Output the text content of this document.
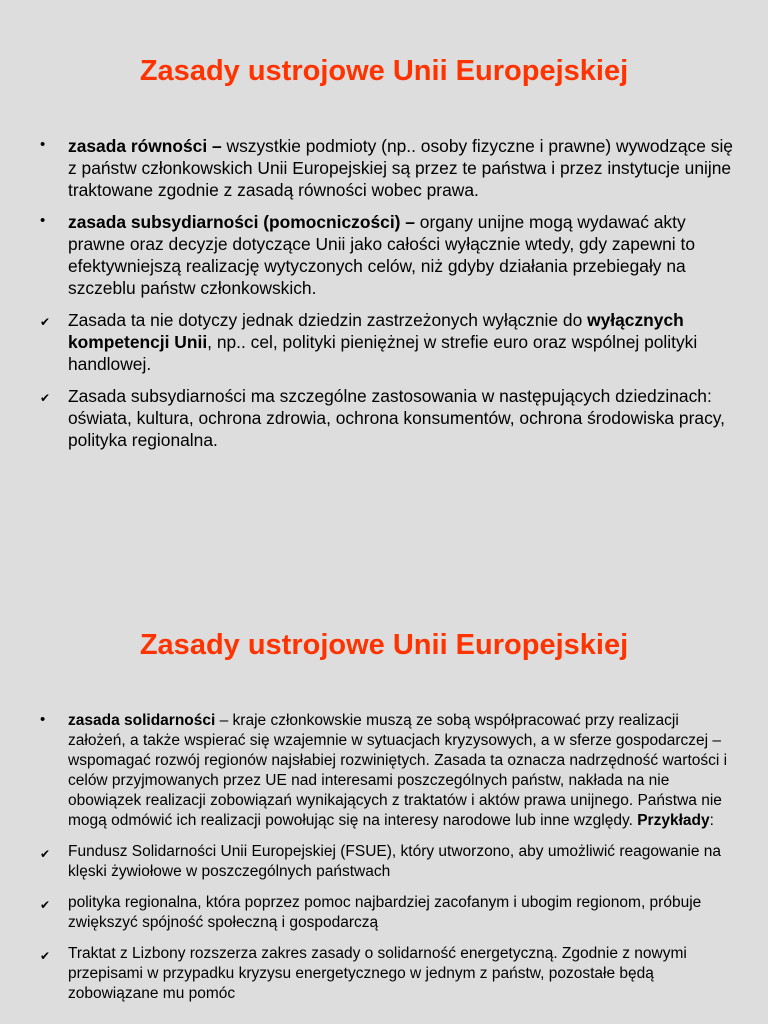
Zasady ustrojowe Unii Europejskiej
• zasada równości – wszystkie podmioty (np.. osoby fizyczne i prawne) wywodzące się z państw członkowskich Unii Europejskiej są przez te państwa i przez instytucje unijne traktowane zgodnie z zasadą równości wobec prawa.
• zasada subsydiarności (pomocniczości) – organy unijne mogą wydawać akty prawne oraz decyzje dotyczące Unii jako całości wyłącznie wtedy, gdy zapewni to efektywniejszą realizację wytyczonych celów, niż gdyby działania przebiegały na szczeblu państw członkowskich.
✔ Zasada ta nie dotyczy jednak dziedzin zastrzeżonych wyłącznie do wyłącznych kompetencji Unii, np.. cel, polityki pieniężnej w strefie euro oraz wspólnej polityki handlowej.
✔ Zasada subsydiarności ma szczególne zastosowania w następujących dziedzinach: oświata, kultura, ochrona zdrowia, ochrona konsumentów, ochrona środowiska pracy, polityka regionalna.
Zasady ustrojowe Unii Europejskiej
• zasada solidarności – kraje członkowskie muszą ze sobą współpracować przy realizacji założeń, a także wspierać się wzajemnie w sytuacjach kryzysowych, a w sferze gospodarczej – wspomagać rozwój regionów najsłabiej rozwiniętych. Zasada ta oznacza nadrzędność wartości i celów przyjmowanych przez UE nad interesami poszczególnych państw, nakłada na nie obowiązek realizacji zobowiązań wynikających z traktatów i aktów prawa unijnego. Państwa nie mogą odmówić ich realizacji powołując się na interesy narodowe lub inne względy. Przykłady:
✔ Fundusz Solidarności Unii Europejskiej (FSUE), który utworzono, aby umożliwić reagowanie na klęski żywiołowe w poszczególnych państwach
✔ polityka regionalna, która poprzez pomoc najbardziej zacofanym i ubogim regionom, próbuje zwiększyć spójność społeczną i gospodarczą
✔ Traktat z Lizbony rozszerza zakres zasady o solidarność energetyczną. Zgodnie z nowymi przepisami w przypadku kryzysu energetycznego w jednym z państw, pozostałe będą zobowiązane mu pomóc
